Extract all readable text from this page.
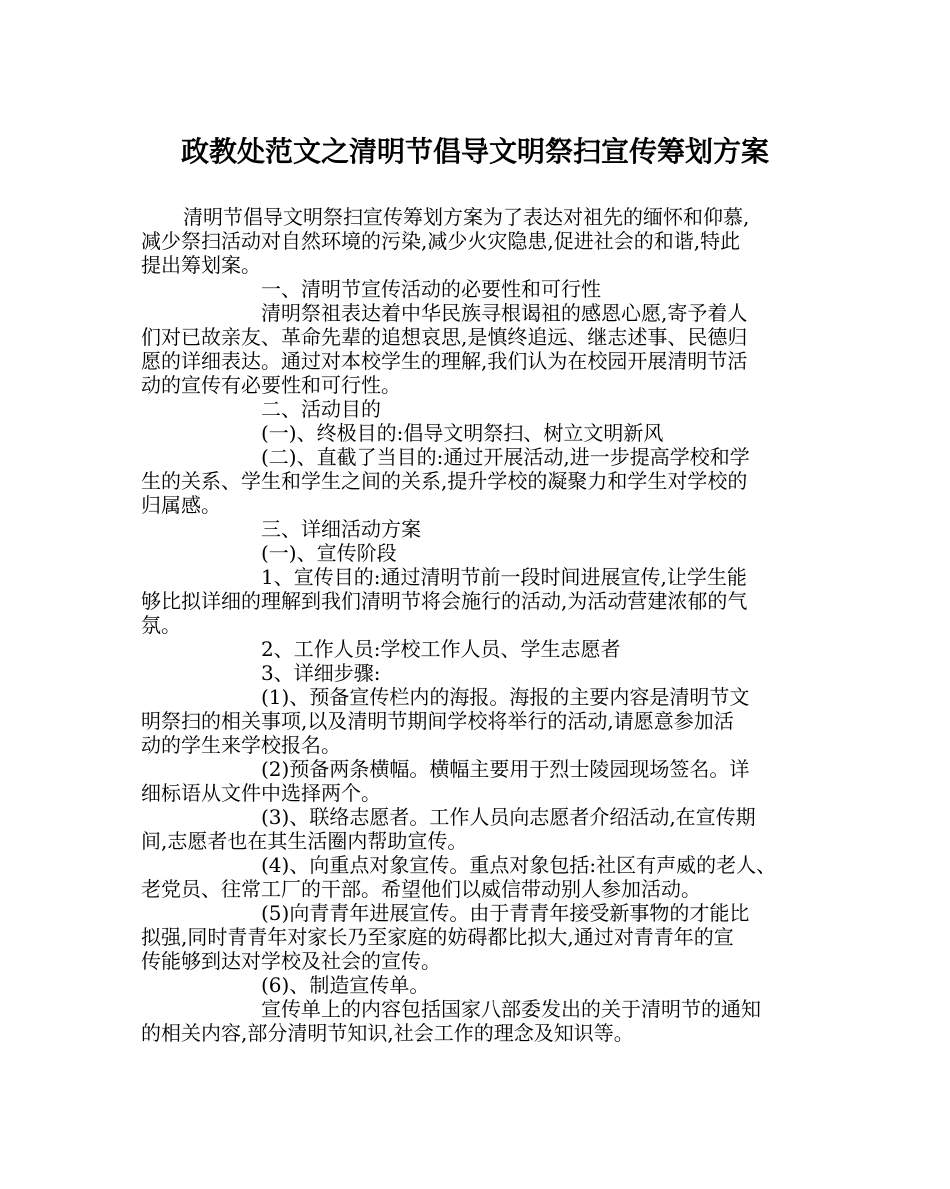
政教处范文之清明节倡导文明祭扫宣传筹划方案
清明节倡导文明祭扫宣传筹划方案为了表达对祖先的缅怀和仰慕,
减少祭扫活动对自然环境的污染,减少火灾隐患,促进社会的和谐,特此
提出筹划案。
一、清明节宣传活动的必要性和可行性
清明祭祖表达着中华民族寻根谒祖的感恩心愿,寄予着人
们对已故亲友、革命先辈的追想哀思,是慎终追远、继志述事、民德归
愿的详细表达。通过对本校学生的理解,我们认为在校园开展清明节活
动的宣传有必要性和可行性。
二、活动目的
(一)、终极目的:倡导文明祭扫、树立文明新风
(二)、直截了当目的:通过开展活动,进一步提高学校和学
生的关系、学生和学生之间的关系,提升学校的凝聚力和学生对学校的
归属感。
三、详细活动方案
(一)、宣传阶段
1、宣传目的:通过清明节前一段时间进展宣传,让学生能
够比拟详细的理解到我们清明节将会施行的活动,为活动营建浓郁的气
氛。
2、工作人员:学校工作人员、学生志愿者
3、详细步骤:
(1)、预备宣传栏内的海报。海报的主要内容是清明节文
明祭扫的相关事项,以及清明节期间学校将举行的活动,请愿意参加活
动的学生来学校报名。
(2)预备两条横幅。横幅主要用于烈士陵园现场签名。详
细标语从文件中选择两个。
(3)、联络志愿者。工作人员向志愿者介绍活动,在宣传期
间,志愿者也在其生活圈内帮助宣传。
(4)、向重点对象宣传。重点对象包括:社区有声威的老人、
老党员、往常工厂的干部。希望他们以威信带动别人参加活动。
(5)向青青年进展宣传。由于青青年接受新事物的才能比
拟强,同时青青年对家长乃至家庭的妨碍都比拟大,通过对青青年的宣
传能够到达对学校及社会的宣传。
(6)、制造宣传单。
宣传单上的内容包括国家八部委发出的关于清明节的通知
的相关内容,部分清明节知识,社会工作的理念及知识等。
